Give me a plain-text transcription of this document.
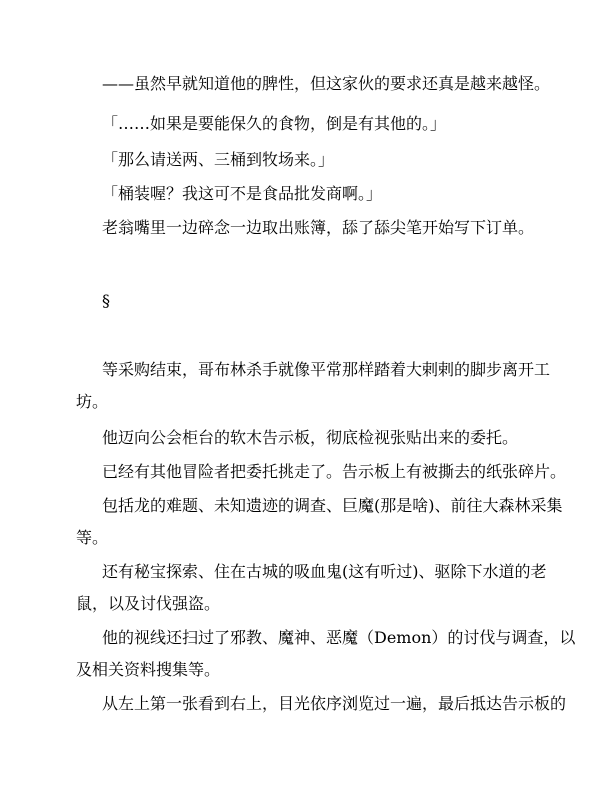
——虽然早就知道他的脾性，但这家伙的要求还真是越来越怪。

「……如果是要能保久的食物，倒是有其他的。」

「那么请送两、三桶到牧场来。」

「桶装喔？我这可不是食品批发商啊。」

老翁嘴里一边碎念一边取出账簿，舔了舔尖笔开始写下订单。

§

等采购结束，哥布林杀手就像平常那样踏着大剌剌的脚步离开工
坊。

他迈向公会柜台的软木告示板，彻底检视张贴出来的委托。

已经有其他冒险者把委托挑走了。告示板上有被撕去的纸张碎片。

包括龙的难题、未知遗迹的调查、巨魔(那是啥)、前往大森林采集
等。

还有秘宝探索、住在古城的吸血鬼(这有听过)、驱除下水道的老
鼠，以及讨伐强盗。

他的视线还扫过了邪教、魔神、恶魔（Demon）的讨伐与调查，以
及相关资料搜集等。

从左上第一张看到右上，目光依序浏览过一遍，最后抵达告示板的
